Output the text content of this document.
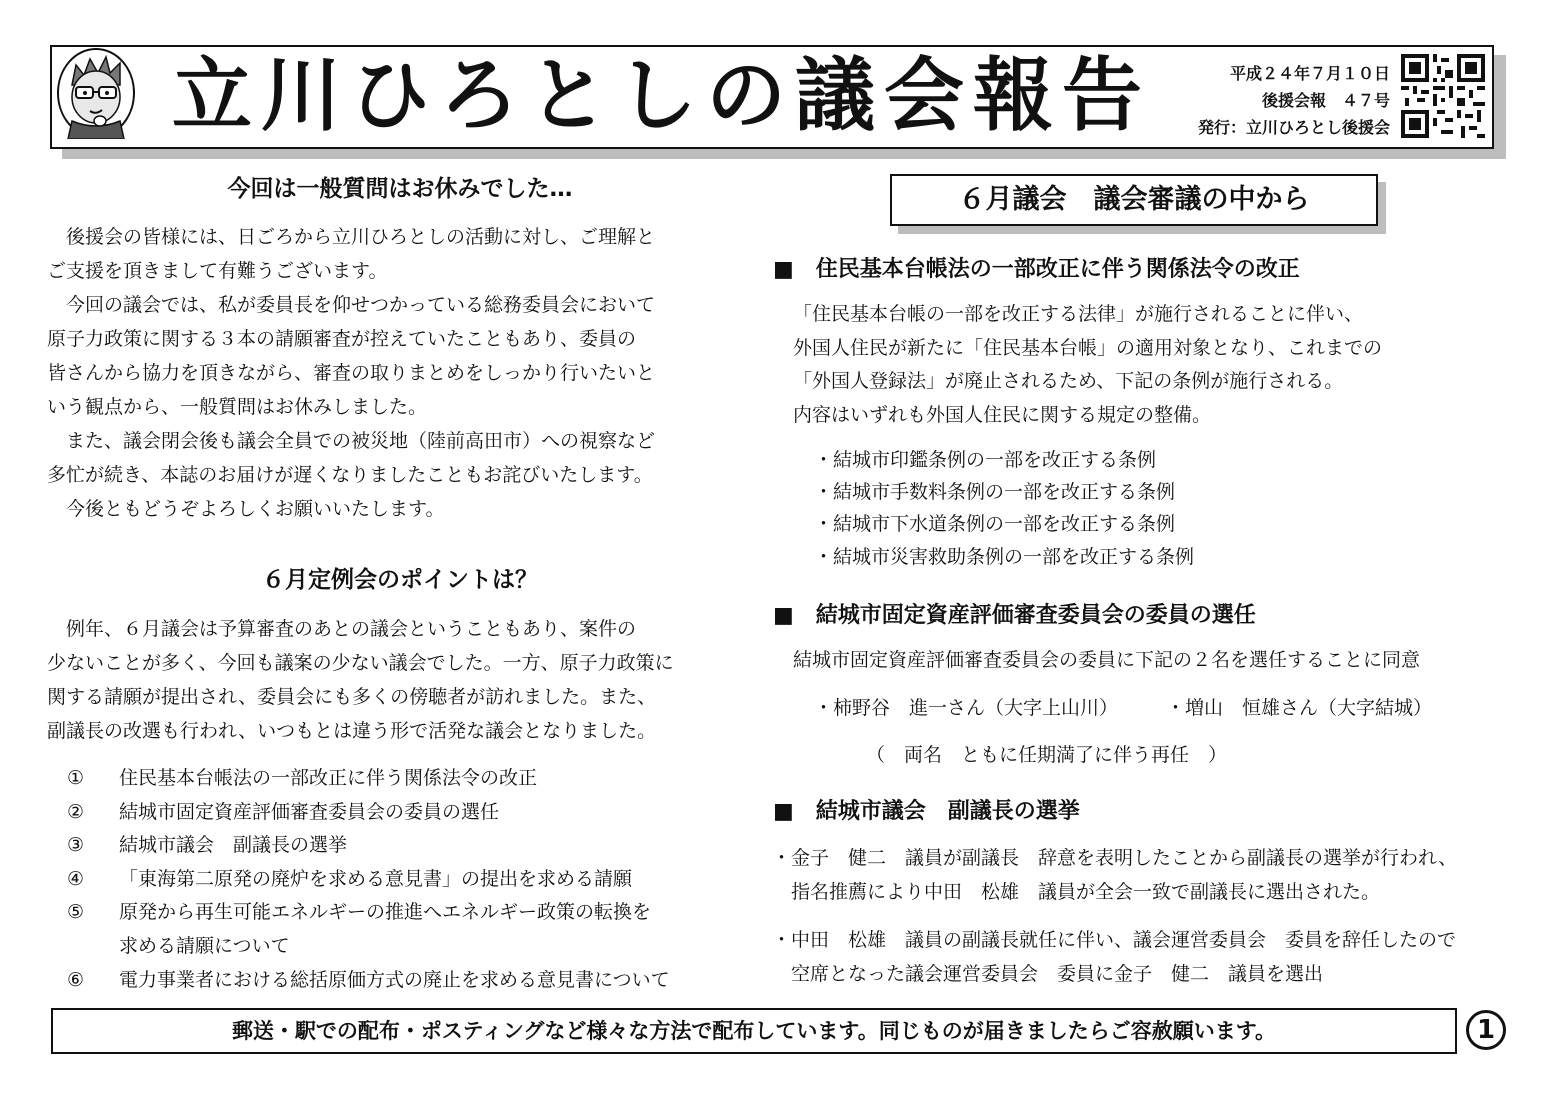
立川ひろとしの議会報告	平成２４年７月１０日
後援会報　４７号
発行：立川ひろとし後援会
今回は一般質問はお休みでした…
　後援会の皆様には、日ごろから立川ひろとしの活動に対し、ご理解と
ご支援を頂きまして有難うございます。
　今回の議会では、私が委員長を仰せつかっている総務委員会において
原子力政策に関する３本の請願審査が控えていたこともあり、委員の
皆さんから協力を頂きながら、審査の取りまとめをしっかり行いたいと
いう観点から、一般質問はお休みしました。
　また、議会閉会後も議会全員での被災地（陸前高田市）への視察など
多忙が続き、本誌のお届けが遅くなりましたこともお詫びいたします。
　今後ともどうぞよろしくお願いいたします。
６月定例会のポイントは？
　例年、６月議会は予算審査のあとの議会ということもあり、案件の
少ないことが多く、今回も議案の少ない議会でした。一方、原子力政策に
関する請願が提出され、委員会にも多くの傍聴者が訪れました。また、
副議長の改選も行われ、いつもとは違う形で活発な議会となりました。
①	住民基本台帳法の一部改正に伴う関係法令の改正
②	結城市固定資産評価審査委員会の委員の選任
③	結城市議会　副議長の選挙
④	「東海第二原発の廃炉を求める意見書」の提出を求める請願
⑤	原発から再生可能エネルギーの推進へエネルギー政策の転換を
求める請願について
⑥	電力事業者における総括原価方式の廃止を求める意見書について
６月議会　議会審議の中から
■　住民基本台帳法の一部改正に伴う関係法令の改正
「住民基本台帳の一部を改正する法律」が施行されることに伴い、
外国人住民が新たに「住民基本台帳」の適用対象となり、これまでの
「外国人登録法」が廃止されるため、下記の条例が施行される。
内容はいずれも外国人住民に関する規定の整備。
・結城市印鑑条例の一部を改正する条例
・結城市手数料条例の一部を改正する条例
・結城市下水道条例の一部を改正する条例
・結城市災害救助条例の一部を改正する条例
■　結城市固定資産評価審査委員会の委員の選任
結城市固定資産評価審査委員会の委員に下記の２名を選任することに同意
・柿野谷　進一さん（大字上山川）	・増山　恒雄さん（大字結城）
（　両名　ともに任期満了に伴う再任　）
■　結城市議会　副議長の選挙
・金子　健二　議員が副議長　辞意を表明したことから副議長の選挙が行われ、
　指名推薦により中田　松雄　議員が全会一致で副議長に選出された。
・中田　松雄　議員の副議長就任に伴い、議会運営委員会　委員を辞任したので
　空席となった議会運営委員会　委員に金子　健二　議員を選出
郵送・駅での配布・ポスティングなど様々な方法で配布しています。同じものが届きましたらご容赦願います。	1
